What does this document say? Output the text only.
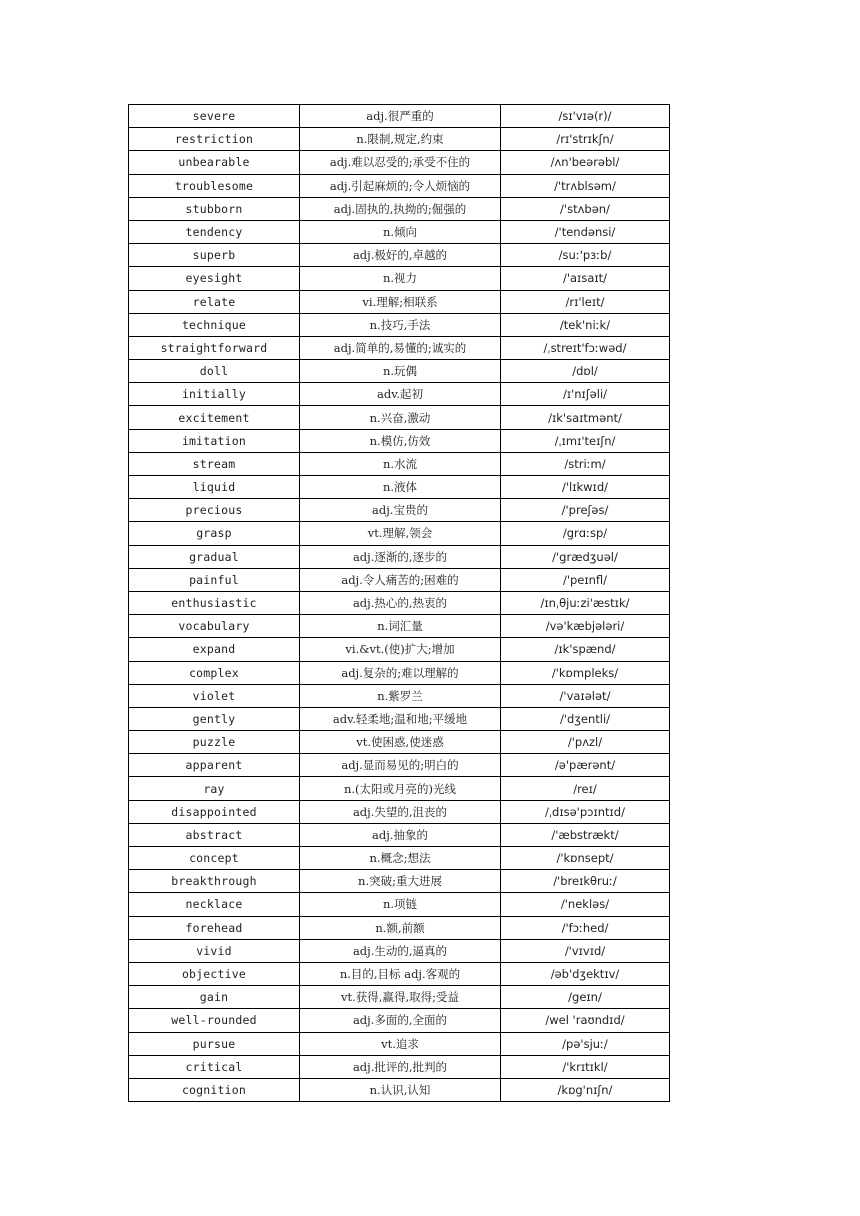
severe	adj.很严重的	/sɪ'vɪə(r)/
restriction	n.限制,规定,约束	/rɪ'strɪkʃn/
unbearable	adj.难以忍受的;承受不住的	/ʌn'beərəbl/
troublesome	adj.引起麻烦的;令人烦恼的	/'trʌblsəm/
stubborn	adj.固执的,执拗的;倔强的	/'stʌbən/
tendency	n.倾向	/'tendənsi/
superb	adj.极好的,卓越的	/suː'pɜːb/
eyesight	n.视力	/'aɪsaɪt/
relate	vi.理解;相联系	/rɪ'leɪt/
technique	n.技巧,手法	/tek'niːk/
straightforward	adj.简单的,易懂的;诚实的	/ˌstreɪt'fɔːwəd/
doll	n.玩偶	/dɒl/
initially	adv.起初	/ɪ'nɪʃəli/
excitement	n.兴奋,激动	/ɪk'saɪtmənt/
imitation	n.模仿,仿效	/ˌɪmɪ'teɪʃn/
stream	n.水流	/striːm/
liquid	n.液体	/'lɪkwɪd/
precious	adj.宝贵的	/'preʃəs/
grasp	vt.理解,领会	/grɑːsp/
gradual	adj.逐渐的,逐步的	/'grædʒuəl/
painful	adj.令人痛苦的;困难的	/'peɪnfl/
enthusiastic	adj.热心的,热衷的	/ɪnˌθjuːzi'æstɪk/
vocabulary	n.词汇量	/və'kæbjələri/
expand	vi.&vt.(使)扩大;增加	/ɪk'spænd/
complex	adj.复杂的;难以理解的	/'kɒmpleks/
violet	n.紫罗兰	/'vaɪələt/
gently	adv.轻柔地;温和地;平缓地	/'dʒentli/
puzzle	vt.使困惑,使迷惑	/'pʌzl/
apparent	adj.显而易见的;明白的	/ə'pærənt/
ray	n.(太阳或月亮的)光线	/reɪ/
disappointed	adj.失望的,沮丧的	/ˌdɪsə'pɔɪntɪd/
abstract	adj.抽象的	/'æbstrækt/
concept	n.概念;想法	/'kɒnsept/
breakthrough	n.突破;重大进展	/'breɪkθruː/
necklace	n.项链	/'nekləs/
forehead	n.额,前额	/'fɔːhed/
vivid	adj.生动的,逼真的	/'vɪvɪd/
objective	n.目的,目标 adj.客观的	/əb'dʒektɪv/
gain	vt.获得,赢得,取得;受益	/geɪn/
well-rounded	adj.多面的,全面的	/wel 'raʊndɪd/
pursue	vt.追求	/pə'sjuː/
critical	adj.批评的,批判的	/'krɪtɪkl/
cognition	n.认识,认知	/kɒg'nɪʃn/
